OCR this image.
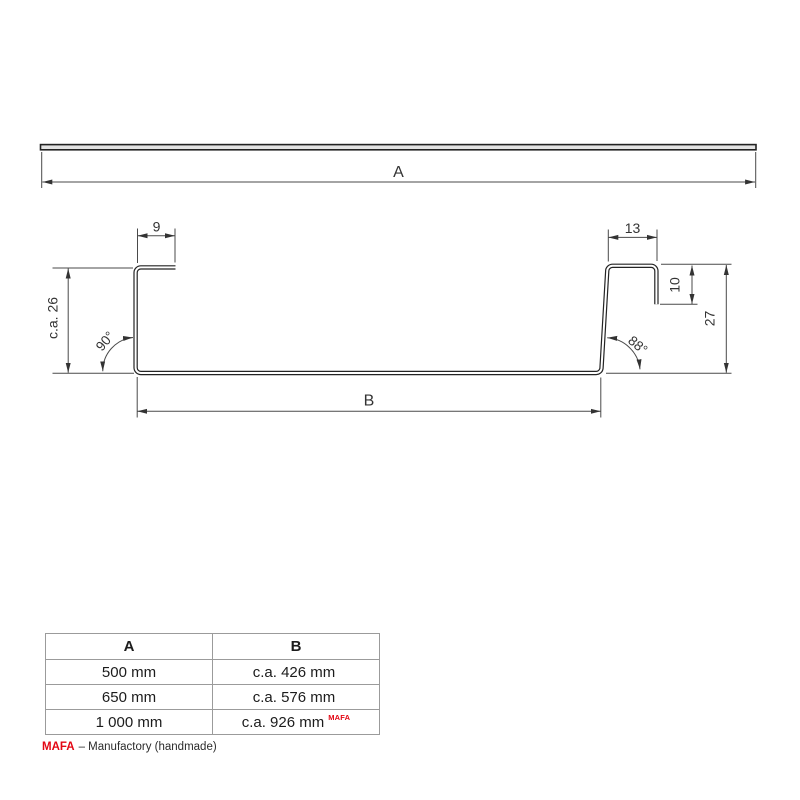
A
9	13
c.a. 26	27
10
B
90°	88°
A	B
500 mm	c.a. 426 mm
650 mm	c.a. 576 mm
1 000 mm	c.a. 926 mm $^{MAFA}$
MAFA – Manufactory (handmade)
